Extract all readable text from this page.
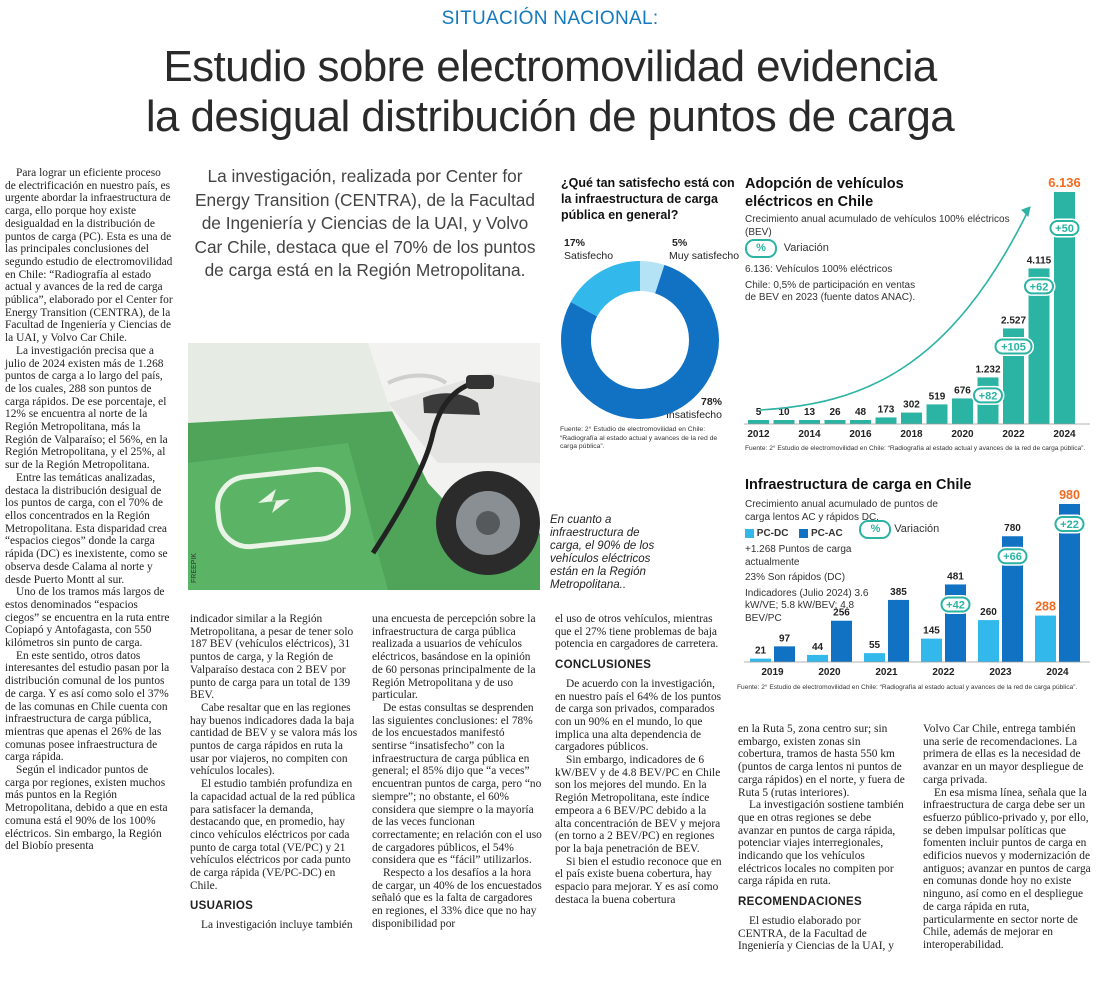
SITUACIÓN NACIONAL:
Estudio sobre electromovilidad evidencia
la desigual distribución de puntos de carga

Para lograr un eficiente proceso de electrificación en nuestro país, es urgente abordar la infraestructura de carga, ello porque hoy existe desigualdad en la distribución de puntos de carga (PC). Esta es una de las principales conclusiones del segundo estudio de electromovilidad en Chile: “Radiografía al estado actual y avances de la red de carga pública”, elaborado por el Center for Energy Transition (CENTRA), de la Facultad de Ingeniería y Ciencias de la UAI, y Volvo Car Chile.

La investigación precisa que a julio de 2024 existen más de 1.268 puntos de carga a lo largo del país, de los cuales, 288 son puntos de carga rápidos. De ese porcentaje, el 12% se encuentra al norte de la Región Metropolitana, más la Región de Valparaíso; el 56%, en la Región Metropolitana, y el 25%, al sur de la Región Metropolitana.

Entre las temáticas analizadas, destaca la distribución desigual de los puntos de carga, con el 70% de ellos concentrados en la Región Metropolitana. Esta disparidad crea “espacios ciegos” donde la carga rápida (DC) es inexistente, como se observa desde Calama al norte y desde Puerto Montt al sur.

Uno de los tramos más largos de estos denominados “espacios ciegos” se encuentra en la ruta entre Copiapó y Antofagasta, con 550 kilómetros sin punto de carga.

En este sentido, otros datos interesantes del estudio pasan por la distribución comunal de los puntos de carga. Y es así como solo el 37% de las comunas en Chile cuenta con infraestructura de carga pública, mientras que apenas el 26% de las comunas posee infraestructura de carga rápida.

Según el indicador puntos de carga por regiones, existen muchos más puntos en la Región Metropolitana, debido a que en esta comuna está el 90% de los 100% eléctricos. Sin embargo, la Región del Biobío presenta

La investigación, realizada por Center for Energy Transition (CENTRA), de la Facultad de Ingeniería y Ciencias de la UAI, y Volvo Car Chile, destaca que el 70% de los puntos de carga está en la Región Metropolitana.
FREEPIK
En cuanto a infraestructura de carga, el 90% de los vehículos eléctricos están en la Región Metropolitana..

indicador similar a la Región Metropolitana, a pesar de tener solo 187 BEV (vehículos eléctricos), 31 puntos de carga, y la Región de Valparaíso destaca con 2 BEV por punto de carga para un total de 139 BEV.

Cabe resaltar que en las regiones hay buenos indicadores dada la baja cantidad de BEV y se valora más los puntos de carga rápidos en ruta la usar por viajeros, no compiten con vehículos locales).

El estudio también profundiza en la capacidad actual de la red pública para satisfacer la demanda, destacando que, en promedio, hay cinco vehículos eléctricos por cada punto de carga total (VE/PC) y 21 vehículos eléctricos por cada punto de carga rápida (VE/PC-DC) en Chile.

USUARIOS

La investigación incluye también

una encuesta de percepción sobre la infraestructura de carga pública realizada a usuarios de vehículos eléctricos, basándose en la opinión de 60 personas principalmente de la Región Metropolitana y de uso particular.

De estas consultas se desprenden las siguientes conclusiones: el 78% de los encuestados manifestó sentirse “insatisfecho” con la infraestructura de carga pública en general; el 85% dijo que “a veces” encuentran puntos de carga, pero “no siempre”; no obstante, el 60% considera que siempre o la mayoría de las veces funcionan correctamente; en relación con el uso de cargadores públicos, el 54% considera que es “fácil” utilizarlos.

Respecto a los desafíos a la hora de cargar, un 40% de los encuestados señaló que es la falta de cargadores en regiones, el 33% dice que no hay disponibilidad por

el uso de otros vehículos, mientras que el 27% tiene problemas de baja potencia en cargadores de carretera.

CONCLUSIONES

De acuerdo con la investigación, en nuestro país el 64% de los puntos de carga son privados, comparados con un 90% en el mundo, lo que implica una alta dependencia de cargadores públicos.

Sin embargo, indicadores de 6 kW/BEV y de 4.8 BEV/PC en Chile son los mejores del mundo. En la Región Metropolitana, este índice empeora a 6 BEV/PC debido a la alta concentración de BEV y mejora (en torno a 2 BEV/PC) en regiones por la baja penetración de BEV.

Si bien el estudio reconoce que en el país existe buena cobertura, hay espacio para mejorar. Y es así como destaca la buena cobertura

en la Ruta 5, zona centro sur; sin embargo, existen zonas sin cobertura, tramos de hasta 550 km (puntos de carga lentos ni puntos de carga rápidos) en el norte, y fuera de Ruta 5 (rutas interiores).

La investigación sostiene también que en otras regiones se debe avanzar en puntos de carga rápida, potenciar viajes interregionales, indicando que los vehículos eléctricos locales no compiten por carga rápida en ruta.

RECOMENDACIONES

El estudio elaborado por CENTRA, de la Facultad de Ingeniería y Ciencias de la UAI, y

Volvo Car Chile, entrega también una serie de recomendaciones. La primera de ellas es la necesidad de avanzar en un mayor despliegue de carga privada.

En esa misma línea, señala que la infraestructura de carga debe ser un esfuerzo público-privado y, por ello, se deben impulsar políticas que fomenten incluir puntos de carga en edificios nuevos y modernización de antiguos; avanzar en puntos de carga en comunas donde hoy no existe ninguno, así como en el despliegue de carga rápida en ruta, particularmente en sector norte de Chile, además de mejorar en interoperabilidad.

¿Qué tan satisfecho está con la infraestructura de carga pública en general?
17%
Satisfecho
5%
Muy satisfecho
78%
Insatisfecho
Fuente: 2° Estudio de electromovilidad en Chile: “Radiografía al estado actual y avances de la red de carga pública”.
Adopción de vehículos eléctricos en Chile
Crecimiento anual acumulado de vehículos 100% eléctricos (BEV)
% Variación
6.136: Vehículos 100% eléctricos
Chile: 0,5% de participación en ventas de BEV en 2023 (fuente datos ANAC).
5 10 13 26 48 173 302
519
676
1.232
2.527
4.115
6.136
2012	2014	2016	2018	2020	2022	2024
+82
+105
+62
+50
Fuente: 2° Estudio de electromovilidad en Chile: “Radiografía al estado actual y avances de la red de carga pública”.
Infraestructura de carga en Chile
Crecimiento anual acumulado de puntos de carga lentos AC y rápidos DC.
PC-DC PC-AC	% Variación
+1.268 Puntos de carga actualmente
23% Son rápidos (DC)
Indicadores (Julio 2024) 3.6 kW/VE; 5.8 kW/BEV; 4.8 BEV/PC
21
97
2019
44
256
2020
55
385
2021
145
481
2022
260
780
2023
288
980
2024
+42
+66
+22
Fuente: 2° Estudio de electromovilidad en Chile: “Radiografía al estado actual y avances de la red de carga pública”.
